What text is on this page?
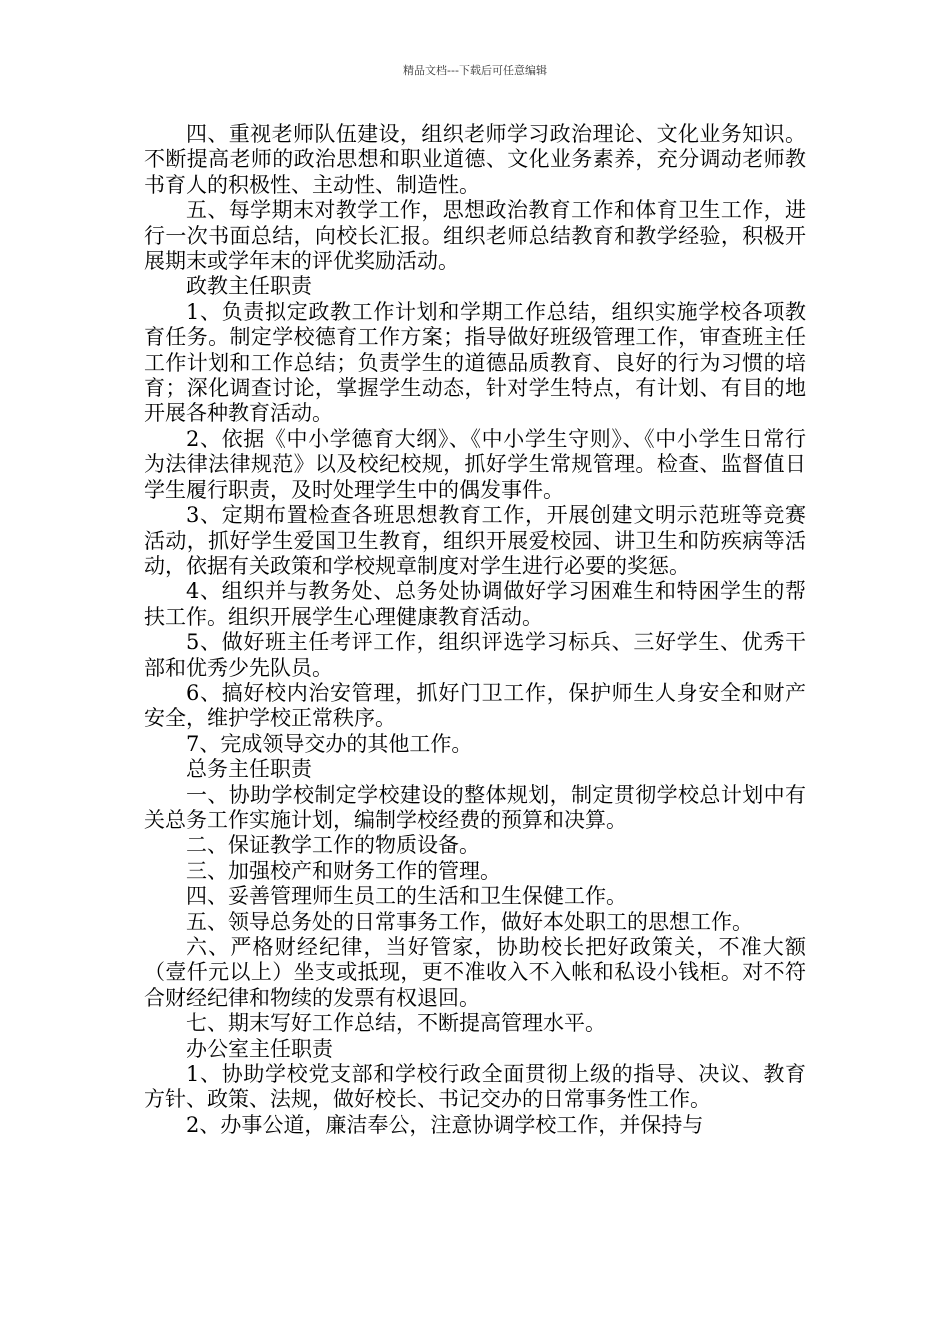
精品文档---下载后可任意编辑

四、重视老师队伍建设，组织老师学习政治理论、文化业务知识。不断提高老师的政治思想和职业道德、文化业务素养，充分调动老师教书育人的积极性、主动性、制造性。

五、每学期末对教学工作，思想政治教育工作和体育卫生工作，进行一次书面总结，向校长汇报。组织老师总结教育和教学经验，积极开展期末或学年末的评优奖励活动。

政教主任职责

1、负责拟定政教工作计划和学期工作总结，组织实施学校各项教育任务。制定学校德育工作方案；指导做好班级管理工作，审查班主任工作计划和工作总结；负责学生的道德品质教育、良好的行为习惯的培育；深化调查讨论，掌握学生动态，针对学生特点，有计划、有目的地开展各种教育活动。

2、依据《中小学德育大纲》、《中小学生守则》、《中小学生日常行为法律法律规范》以及校纪校规，抓好学生常规管理。检查、监督值日学生履行职责，及时处理学生中的偶发事件。

3、定期布置检查各班思想教育工作，开展创建文明示范班等竞赛活动，抓好学生爱国卫生教育，组织开展爱校园、讲卫生和防疾病等活动，依据有关政策和学校规章制度对学生进行必要的奖惩。

4、组织并与教务处、总务处协调做好学习困难生和特困学生的帮扶工作。组织开展学生心理健康教育活动。

5、做好班主任考评工作，组织评选学习标兵、三好学生、优秀干部和优秀少先队员。

6、搞好校内治安管理，抓好门卫工作，保护师生人身安全和财产安全，维护学校正常秩序。

7、完成领导交办的其他工作。

总务主任职责

一、协助学校制定学校建设的整体规划，制定贯彻学校总计划中有关总务工作实施计划，编制学校经费的预算和决算。

二、保证教学工作的物质设备。

三、加强校产和财务工作的管理。

四、妥善管理师生员工的生活和卫生保健工作。

五、领导总务处的日常事务工作，做好本处职工的思想工作。

六、严格财经纪律，当好管家，协助校长把好政策关，不准大额（壹仟元以上）坐支或抵现，更不准收入不入帐和私设小钱柜。对不符合财经纪律和物续的发票有权退回。

七、期末写好工作总结，不断提高管理水平。

办公室主任职责

1、协助学校党支部和学校行政全面贯彻上级的指导、决议、教育方针、政策、法规，做好校长、书记交办的日常事务性工作。

2、办事公道，廉洁奉公，注意协调学校工作，并保持与
